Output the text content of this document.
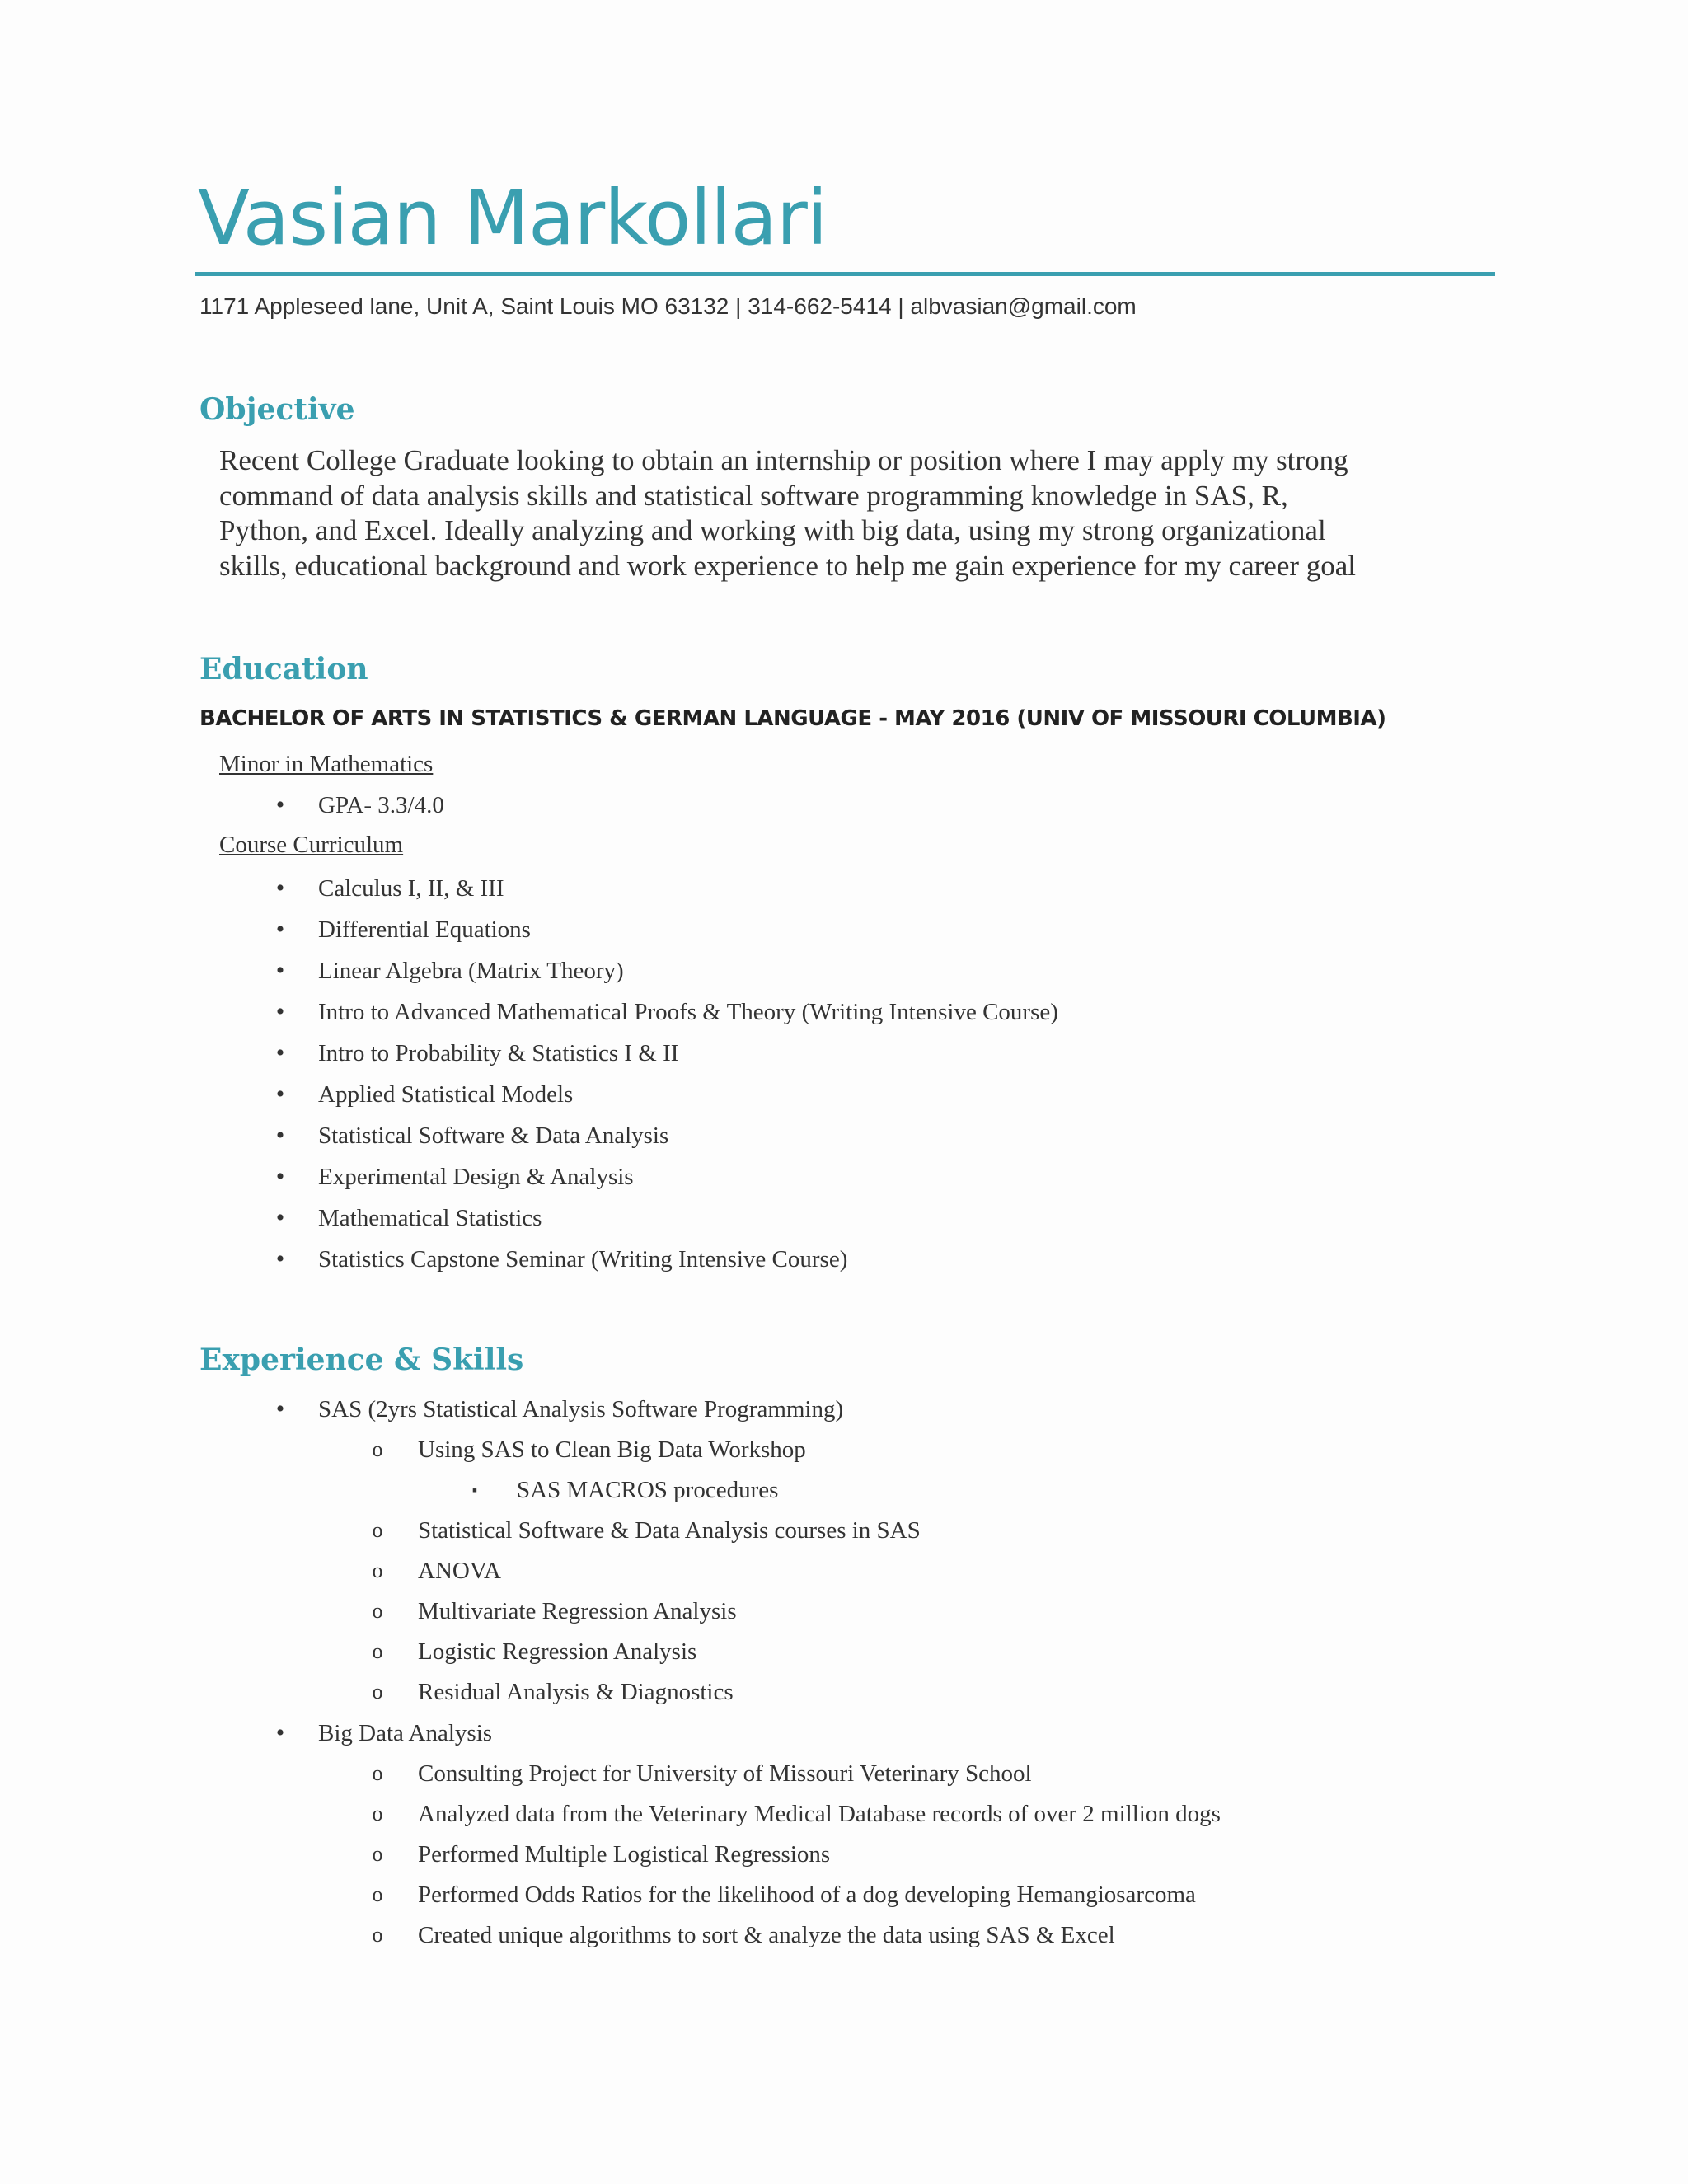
Vasian Markollari
1171 Appleseed lane, Unit A, Saint Louis MO 63132 | 314-662-5414 | albvasian@gmail.com
Objective
Recent College Graduate looking to obtain an internship or position where I may apply my strong
command of data analysis skills and statistical software programming knowledge in SAS, R,
Python, and Excel. Ideally analyzing and working with big data, using my strong organizational
skills, educational background and work experience to help me gain experience for my career goal
Education
BACHELOR OF ARTS IN STATISTICS & GERMAN LANGUAGE - MAY 2016 (UNIV OF MISSOURI COLUMBIA)
Minor in Mathematics
• GPA- 3.3/4.0
Course Curriculum
• Calculus I, II, & III
• Differential Equations
• Linear Algebra (Matrix Theory)
• Intro to Advanced Mathematical Proofs & Theory (Writing Intensive Course)
• Intro to Probability & Statistics I & II
• Applied Statistical Models
• Statistical Software & Data Analysis
• Experimental Design & Analysis
• Mathematical Statistics
• Statistics Capstone Seminar (Writing Intensive Course)
Experience & Skills
• SAS (2yrs Statistical Analysis Software Programming)
o Using SAS to Clean Big Data Workshop
▪ SAS MACROS procedures
o Statistical Software & Data Analysis courses in SAS
o ANOVA
o Multivariate Regression Analysis
o Logistic Regression Analysis
o Residual Analysis & Diagnostics
• Big Data Analysis
o Consulting Project for University of Missouri Veterinary School
o Analyzed data from the Veterinary Medical Database records of over 2 million dogs
o Performed Multiple Logistical Regressions
o Performed Odds Ratios for the likelihood of a dog developing Hemangiosarcoma
o Created unique algorithms to sort & analyze the data using SAS & Excel
